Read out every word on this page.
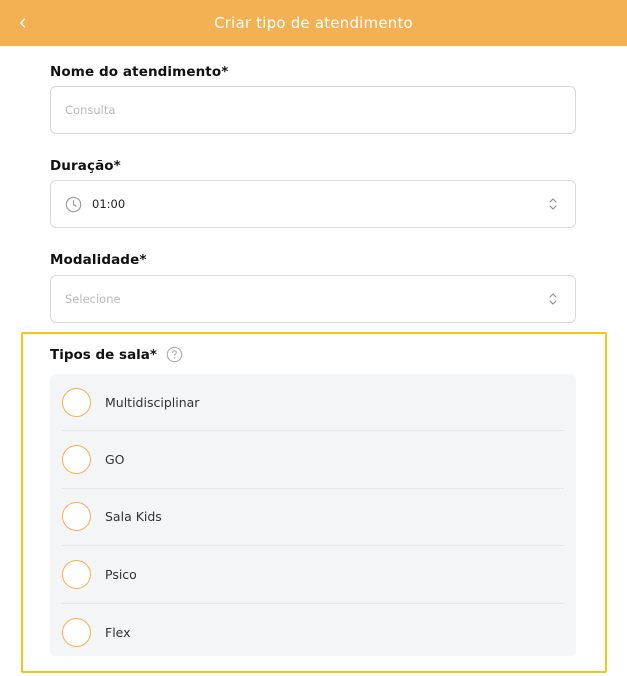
Criar tipo de atendimento
Nome do atendimento*
Consulta
Duração*
01:00
Modalidade*
Selecione
Tipos de sala*
Multidisciplinar
GO
Sala Kids
Psico
Flex
